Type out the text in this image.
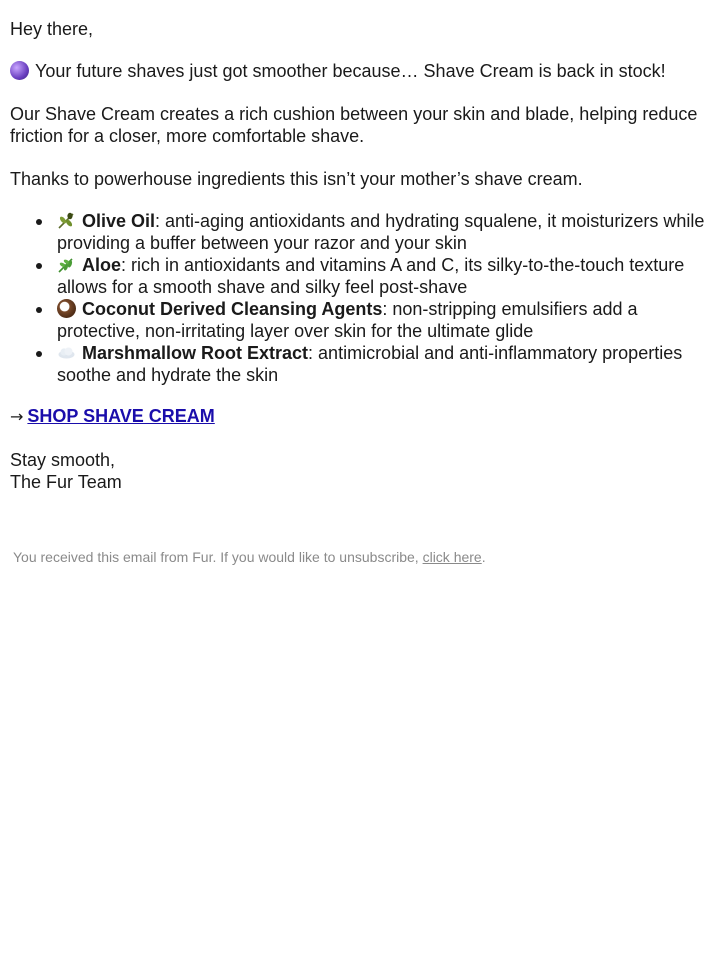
Hey there,

Your future shaves just got smoother because… Shave Cream is back in stock!

Our Shave Cream creates a rich cushion between your skin and blade, helping reduce friction for a closer, more comfortable shave.

Thanks to powerhouse ingredients this isn’t your mother’s shave cream.

Olive Oil: anti-aging antioxidants and hydrating squalene, it moisturizers while providing a buffer between your razor and your skin
Aloe: rich in antioxidants and vitamins A and C, its silky-to-the-touch texture allows for a smooth shave and silky feel post-shave
Coconut Derived Cleansing Agents: non-stripping emulsifiers add a protective, non-irritating layer over skin for the ultimate glide
Marshmallow Root Extract: antimicrobial and anti-inflammatory properties soothe and hydrate the skin

→ SHOP SHAVE CREAM

Stay smooth,
The Fur Team

You received this email from Fur. If you would like to unsubscribe, click here.
